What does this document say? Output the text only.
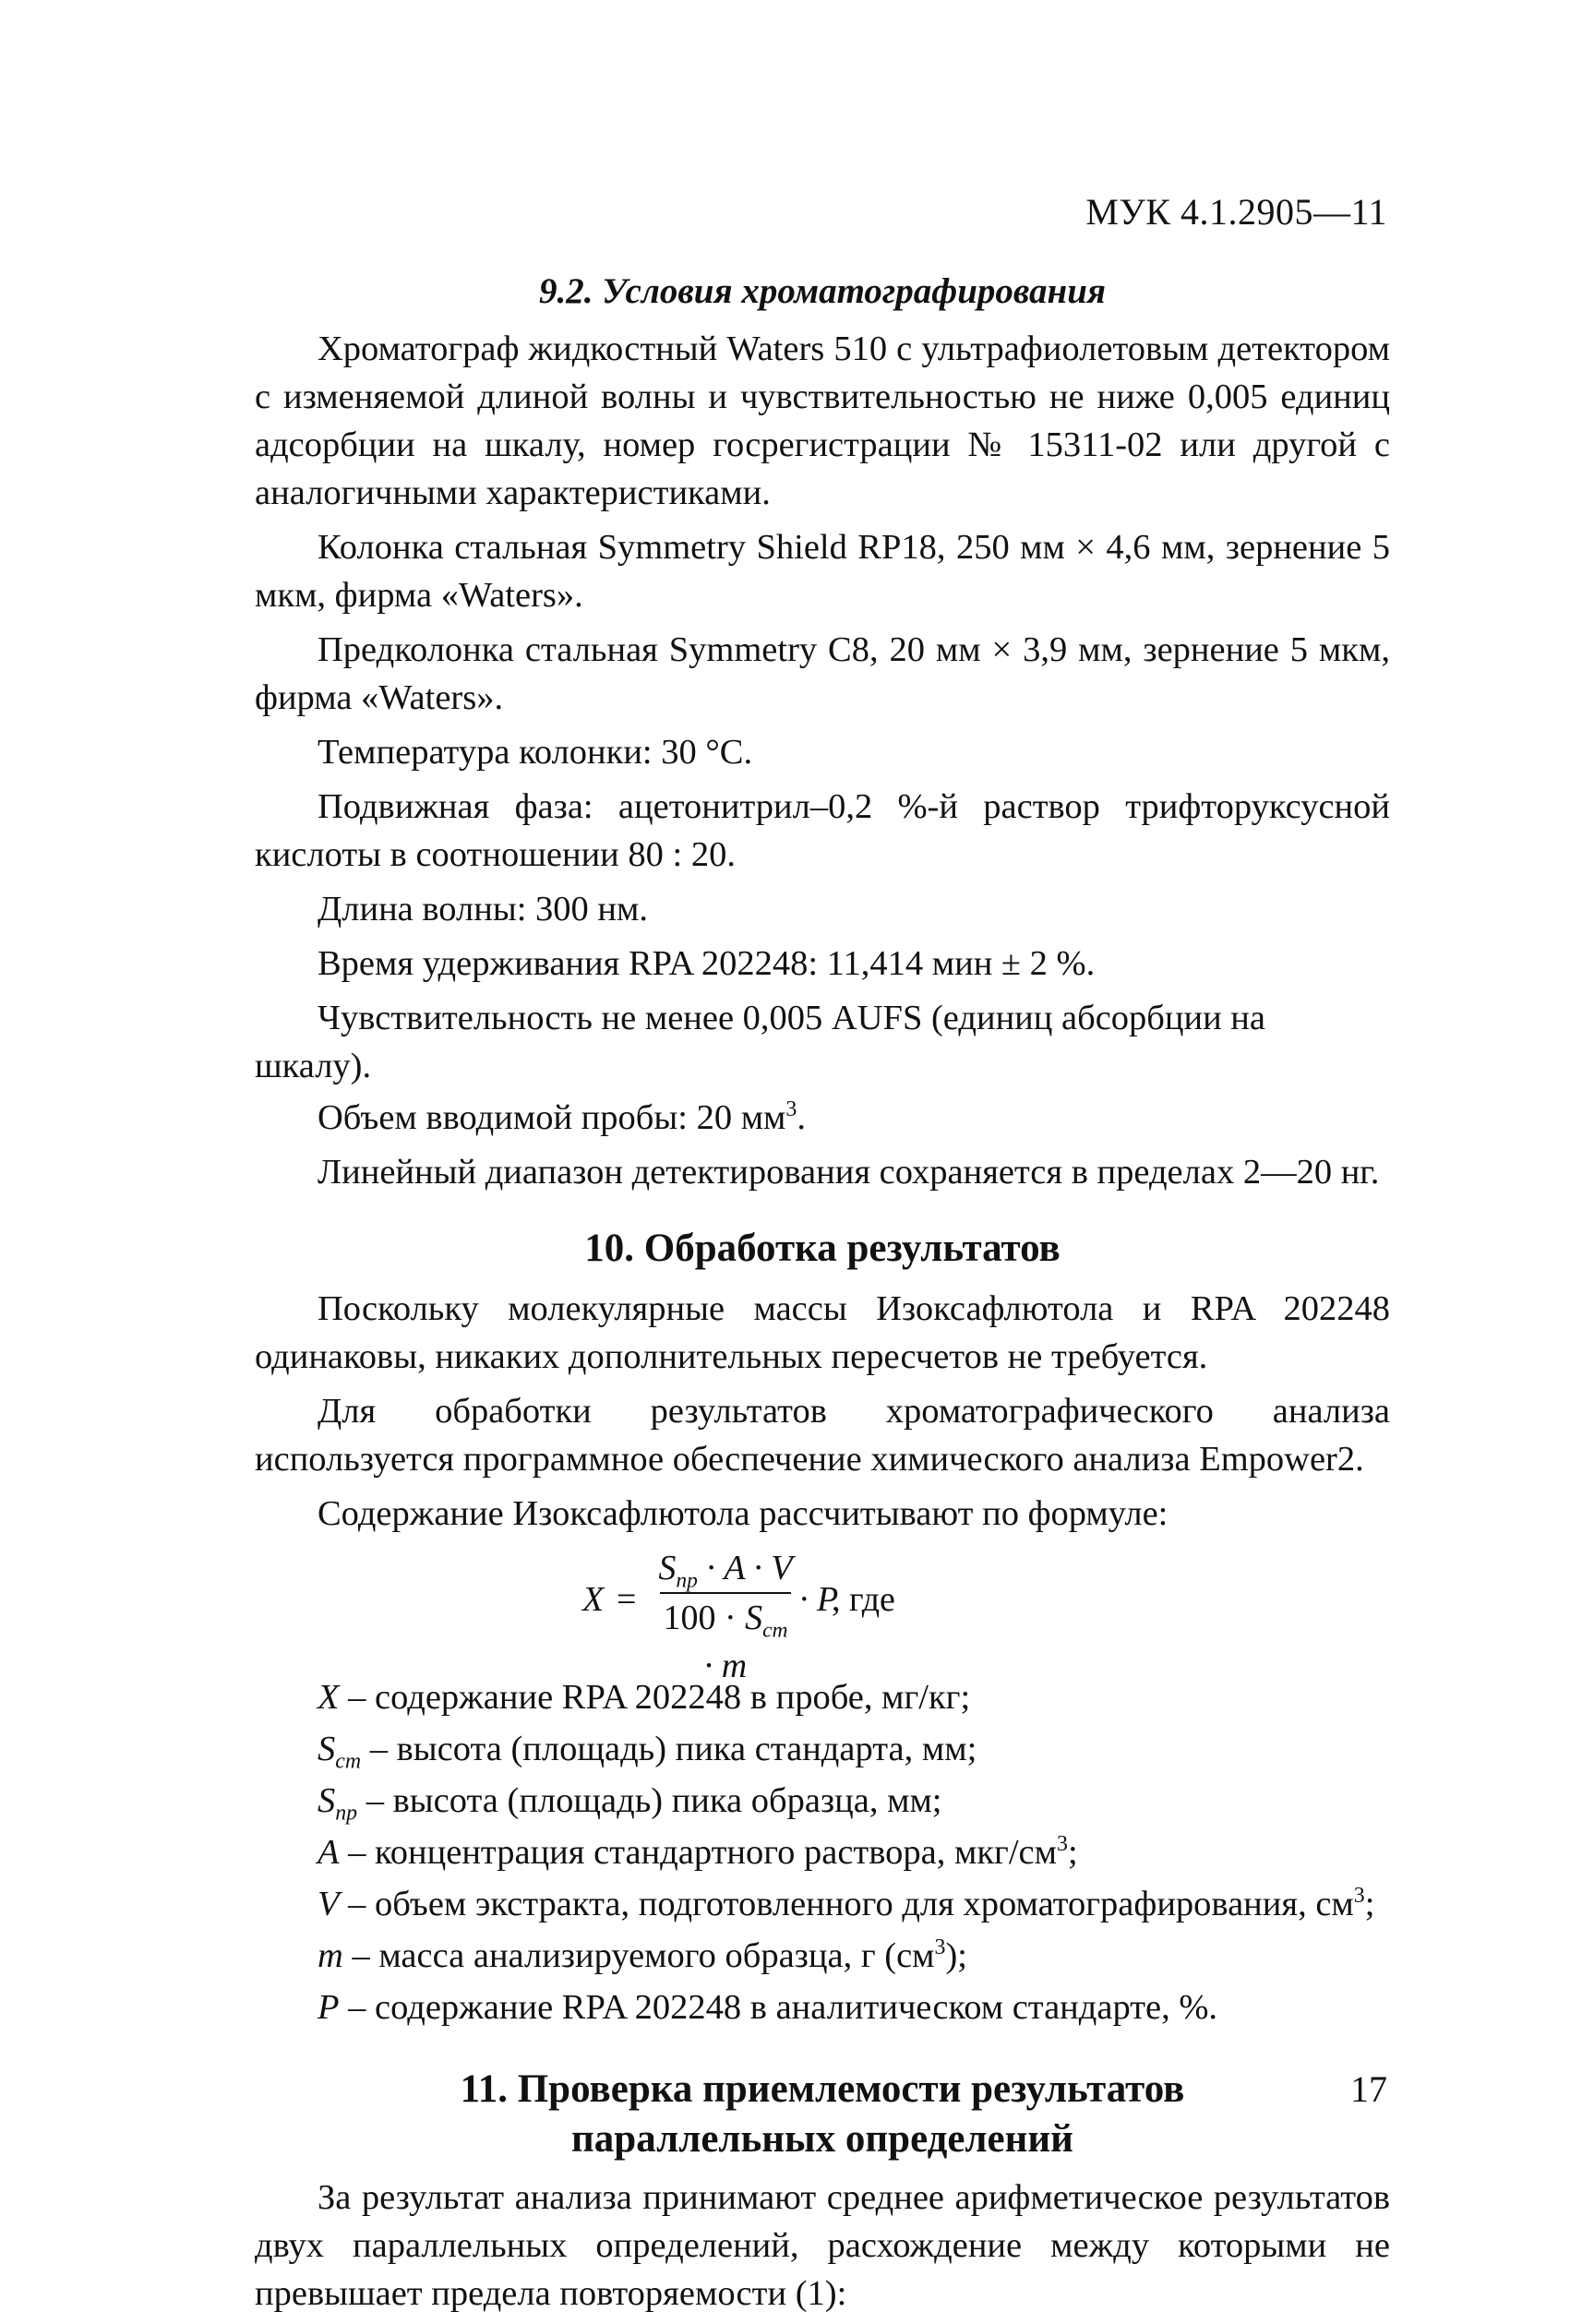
МУК 4.1.2905—11
9.2. Условия хроматографирования

Хроматограф жидкостный Waters 510 с ультрафиолетовым детектором с изменяемой длиной волны и чувствительностью не ниже 0,005 единиц адсорбции на шкалу, номер госрегистрации № 15311-02 или другой с аналогичными характеристиками.

Колонка стальная Symmetry Shield RP18, 250 мм × 4,6 мм, зернение 5 мкм, фирма «Waters».

Предколонка стальная Symmetry C8, 20 мм × 3,9 мм, зернение 5 мкм, фирма «Waters».

Температура колонки: 30 °С.

Подвижная фаза: ацетонитрил–0,2 %-й раствор трифторуксусной кислоты в соотношении 80 : 20.

Длина волны: 300 нм.

Время удерживания RPA 202248: 11,414 мин ± 2 %.

Чувствительность не менее 0,005 AUFS (единиц абсорбции на шкалу).

Объем вводимой пробы: 20 $мм^3$.

Линейный диапазон детектирования сохраняется в пределах 2—20 нг.

10. Обработка результатов

Поскольку молекулярные массы Изоксафлютола и RPA 202248 одинаковы, никаких дополнительных пересчетов не требуется.

Для обработки результатов хроматографического анализа используется программное обеспечение химического анализа Empower2.

Содержание Изоксафлютола рассчитывают по формуле:

X =
$S_{пр} \cdot A \cdot V$
$100 \cdot S_{ст} \cdot m$
· P
, где

X – содержание RPA 202248 в пробе, мг/кг;

$S_{ст}$ – высота (площадь) пика стандарта, мм;

$S_{пр}$ – высота (площадь) пика образца, мм;

A – концентрация стандартного раствора, мкг/$см^3$;

V – объем экстракта, подготовленного для хроматографирования, $см^3$;

m – масса анализируемого образца, г $(см^3)$;

P – содержание RPA 202248 в аналитическом стандарте, %.

11. Проверка приемлемости результатов
параллельных определений

За результат анализа принимают среднее арифметическое результатов двух параллельных определений, расхождение между которыми не превышает предела повторяемости (1):

17
